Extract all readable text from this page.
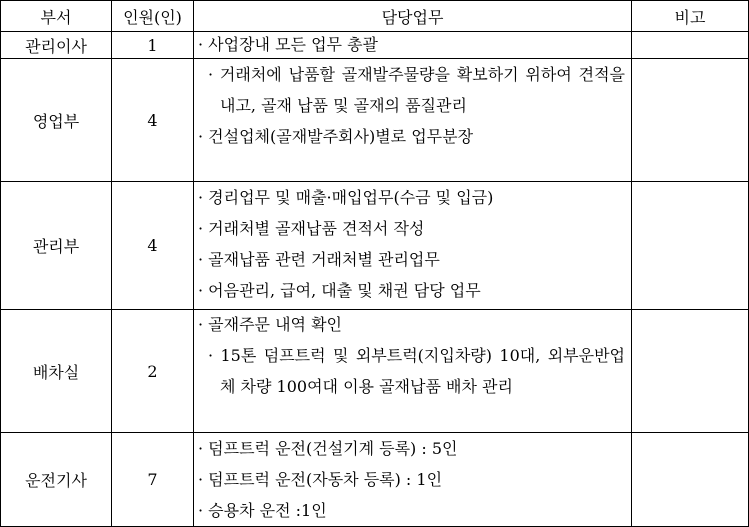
부서	인원(인)	담당업무	비고
관리이사	1	· 사업장내 모든 업무 총괄	

영업부	4	· 거래처에 납품할 골재발주물량을 확보하기 위하여 견적을 내고, 골재 납품 및 골재의 품질관리
· 건설업체(골재발주회사)별로 업무분장	

관리부	4	· 경리업무 및 매출·매입업무(수금 및 입금)
· 거래처별 골재납품 견적서 작성
· 골재납품 관련 거래처별 관리업무
· 어음관리, 급여, 대출 및 채권 담당 업무	

배차실	2	· 골재주문 내역 확인
· 15톤 덤프트럭 및 외부트럭(지입차량) 10대, 외부운반업체 차량 100여대 이용 골재납품 배차 관리	

운전기사	7	· 덤프트럭 운전(건설기계 등록) : 5인
· 덤프트럭 운전(자동차 등록) : 1인
· 승용차 운전 :1인	
